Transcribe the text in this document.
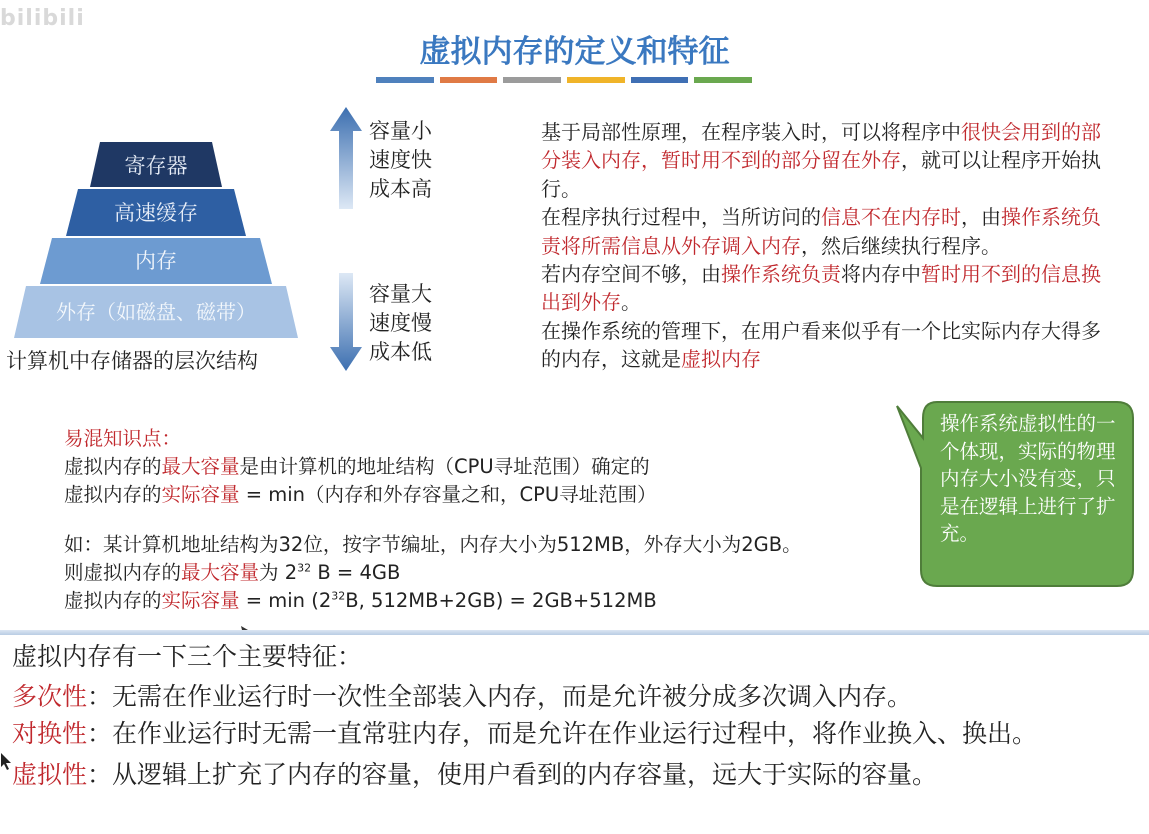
bilibili
虚拟内存的定义和特征
寄存器
高速缓存
内存
外存（如磁盘、磁带）
计算机中存储器的层次结构
容量小
速度快
成本高
容量大
速度慢
成本低

基于局部性原理，在程序装入时，可以将程序中很快会用到的部分装入内存，暂时用不到的部分留在外存，就可以让程序开始执行。

在程序执行过程中，当所访问的信息不在内存时，由操作系统负责将所需信息从外存调入内存，然后继续执行程序。

若内存空间不够，由操作系统负责将内存中暂时用不到的信息换出到外存。

在操作系统的管理下，在用户看来似乎有一个比实际内存大得多的内存，这就是虚拟内存

操作系统虚拟性的一个体现，实际的物理内存大小没有变，只是在逻辑上进行了扩充。
易混知识点：
虚拟内存的最大容量是由计算机的地址结构（CPU寻址范围）确定的
虚拟内存的实际容量 = min（内存和外存容量之和，CPU寻址范围）
如：某计算机地址结构为32位，按字节编址，内存大小为512MB，外存大小为2GB。
则虚拟内存的最大容量为 $2^{32}$ B = 4GB
虚拟内存的实际容量 = $\min (2^{32}B$, 512MB+2GB) = 2GB+512MB

虚拟内存有一下三个主要特征：

多次性：无需在作业运行时一次性全部装入内存，而是允许被分成多次调入内存。

对换性：在作业运行时无需一直常驻内存，而是允许在作业运行过程中，将作业换入、换出。

虚拟性：从逻辑上扩充了内存的容量，使用户看到的内存容量，远大于实际的容量。
